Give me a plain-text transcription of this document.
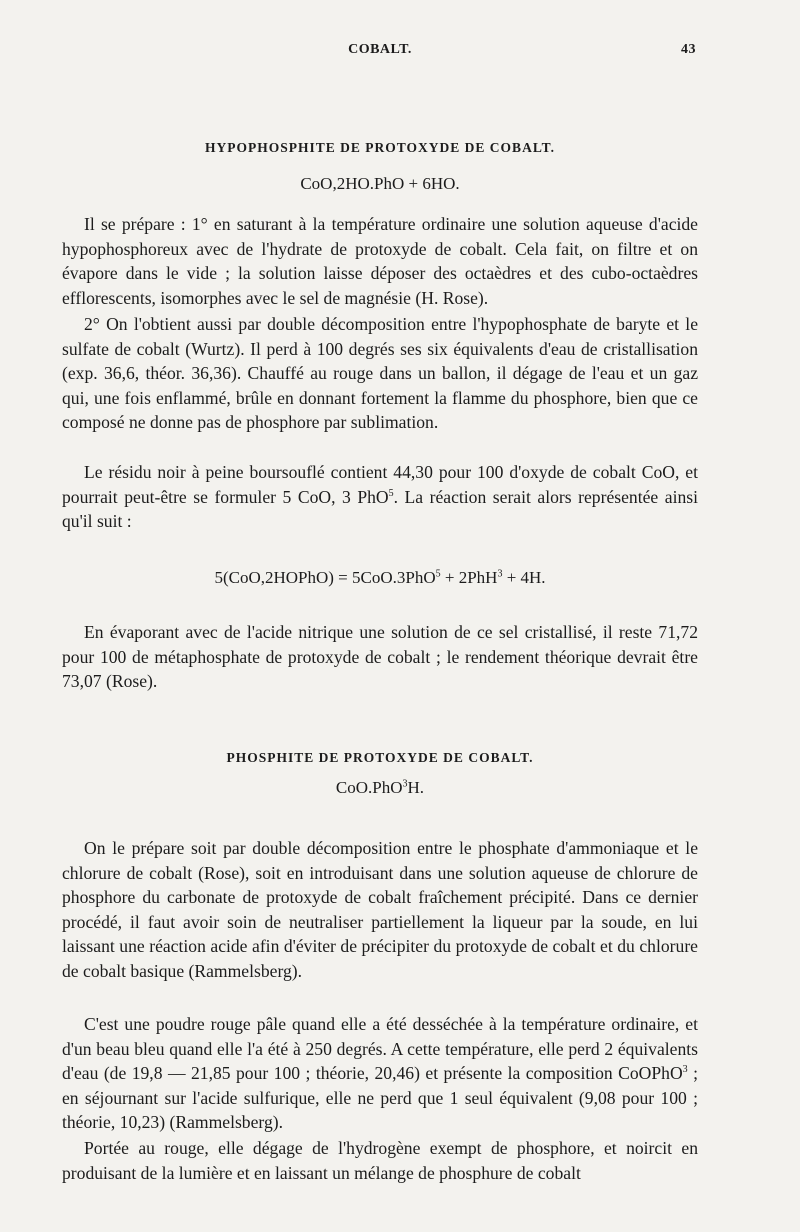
COBALT.	43
HYPOPHOSPHITE DE PROTOXYDE DE COBALT.

CoO,2HO.PhO + 6HO.

Il se prépare : 1° en saturant à la température ordinaire une solution aqueuse d'acide hypophosphoreux avec de l'hydrate de protoxyde de cobalt. Cela fait, on filtre et on évapore dans le vide ; la solution laisse déposer des octaèdres et des cubo-octaèdres efflorescents, isomorphes avec le sel de magnésie (H. Rose).

2° On l'obtient aussi par double décomposition entre l'hypophosphate de baryte et le sulfate de cobalt (Wurtz). Il perd à 100 degrés ses six équivalents d'eau de cristallisation (exp. 36,6, théor. 36,36). Chauffé au rouge dans un ballon, il dégage de l'eau et un gaz qui, une fois enflammé, brûle en donnant fortement la flamme du phosphore, bien que ce composé ne donne pas de phosphore par sublimation.

Le résidu noir à peine boursouflé contient 44,30 pour 100 d'oxyde de cobalt CoO, et pourrait peut-être se formuler 5 CoO, 3 PhO$^5$. La réaction serait alors représentée ainsi qu'il suit :

5(CoO,2HOPhO) = 5CoO.3PhO$^5$ + 2PhH$^3$ + 4H.

En évaporant avec de l'acide nitrique une solution de ce sel cristallisé, il reste 71,72 pour 100 de métaphosphate de protoxyde de cobalt ; le rendement théorique devrait être 73,07 (Rose).

PHOSPHITE DE PROTOXYDE DE COBALT.

CoO.PhO$^3$H.

On le prépare soit par double décomposition entre le phosphate d'ammoniaque et le chlorure de cobalt (Rose), soit en introduisant dans une solution aqueuse de chlorure de phosphore du carbonate de protoxyde de cobalt fraîchement précipité. Dans ce dernier procédé, il faut avoir soin de neutraliser partiellement la liqueur par la soude, en lui laissant une réaction acide afin d'éviter de précipiter du protoxyde de cobalt et du chlorure de cobalt basique (Rammelsberg).

C'est une poudre rouge pâle quand elle a été desséchée à la température ordinaire, et d'un beau bleu quand elle l'a été à 250 degrés. A cette température, elle perd 2 équivalents d'eau (de 19,8 — 21,85 pour 100 ; théorie, 20,46) et présente la composition CoOPhO$^3$ ; en séjournant sur l'acide sulfurique, elle ne perd que 1 seul équivalent (9,08 pour 100 ; théorie, 10,23) (Rammelsberg).

Portée au rouge, elle dégage de l'hydrogène exempt de phosphore, et noircit en produisant de la lumière et en laissant un mélange de phosphure de cobalt
